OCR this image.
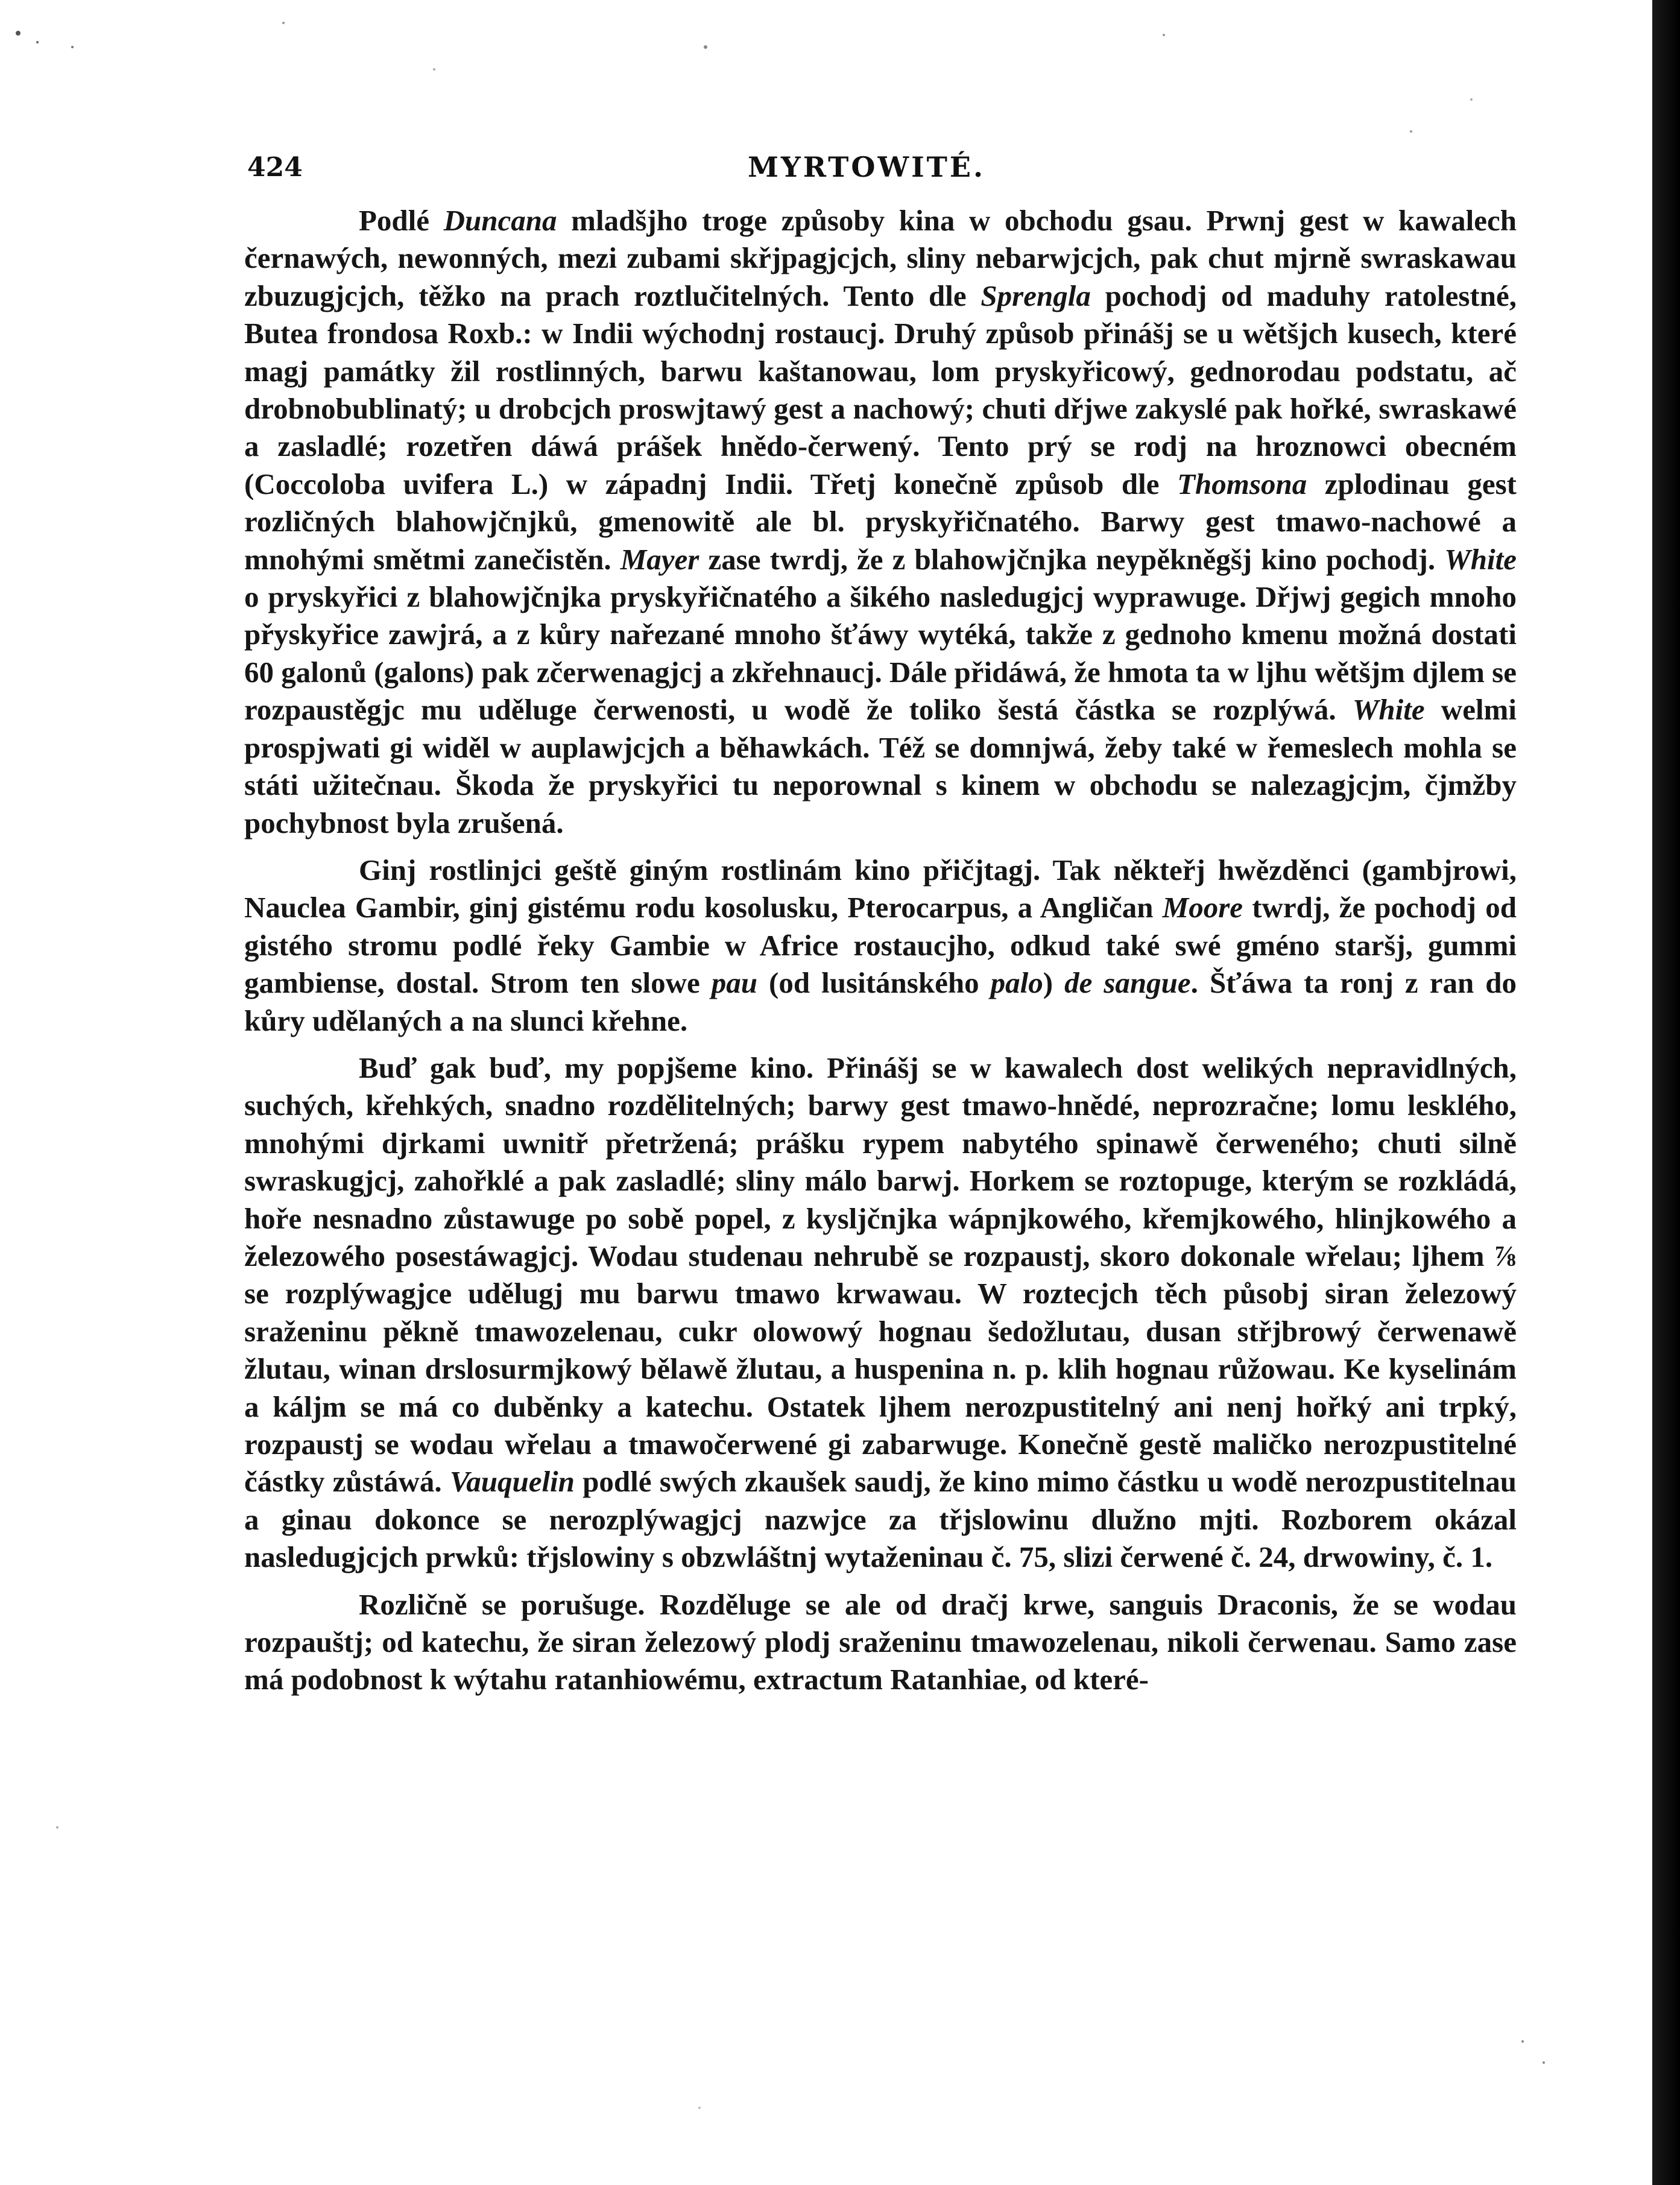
424	MYRTOWITÉ.

Podlé Duncana mladšjho troge způsoby kina w obchodu gsau. Prwnj gest w kawalech černawých, newonných, mezi zubami skřjpagjcjch, sliny nebarwjcjch, pak chut mjrně swraskawau zbuzugjcjch, těžko na prach roztlučitelných. Tento dle Sprengla pochodj od maduhy ratolestné, Butea frondosa Roxb.: w Indii wýchodnj rostaucj. Druhý způsob přinášj se u wětšjch kusech, které magj památky žil rostlinných, barwu kaštanowau, lom pryskyřicowý, gednorodau podstatu, ač drobnobublinatý; u drobcjch proswjtawý gest a nachowý; chuti dřjwe zakyslé pak hořké, swraskawé a zasladlé; rozetřen dáwá prášek hnědo-čerwený. Tento prý se rodj na hroznowci obecném (Coccoloba uvifera L.) w západnj Indii. Třetj konečně způsob dle Thomsona zplodinau gest rozličných blahowjčnjků, gmenowitě ale bl. pryskyřičnatého. Barwy gest tmawo-nachowé a mnohými smětmi zanečistěn. Mayer zase twrdj, že z blahowjčnjka neypěkněgšj kino pochodj. White o pryskyřici z blahowjčnjka pryskyřičnatého a šikého nasledugjcj wyprawuge. Dřjwj gegich mnoho přyskyřice zawjrá, a z kůry nařezané mnoho šťáwy wytéká, takže z gednoho kmenu možná dostati 60 galonů (galons) pak zčerwenagjcj a zkřehnaucj. Dále přidáwá, že hmota ta w ljhu wětšjm djlem se rozpaustěgjc mu uděluge čerwenosti, u wodě že toliko šestá částka se rozplýwá. White welmi prospjwati gi widěl w auplawjcjch a běhawkách. Též se domnjwá, žeby také w řemeslech mohla se státi užitečnau. Škoda že pryskyřici tu neporownal s kinem w obchodu se nalezagjcjm, čjmžby pochybnost byla zrušená.

Ginj rostlinjci geště giným rostlinám kino přičjtagj. Tak někteřj hwězděnci (gambjrowi, Nauclea Gambir, ginj gistému rodu kosolusku, Pterocarpus, a Angličan Moore twrdj, že pochodj od gistého stromu podlé řeky Gambie w Africe rostaucjho, odkud také swé gméno staršj, gummi gambiense, dostal. Strom ten slowe pau (od lusitánského palo) de sangue. Šťáwa ta ronj z ran do kůry udělaných a na slunci křehne.

Buď gak buď, my popjšeme kino. Přinášj se w kawalech dost welikých nepravidlných, suchých, křehkých, snadno rozdělitelných; barwy gest tmawo-hnědé, neprozračne; lomu lesklého, mnohými djrkami uwnitř přetržená; prášku rypem nabytého spinawě čerweného; chuti silně swraskugjcj, zahořklé a pak zasladlé; sliny málo barwj. Horkem se roztopuge, kterým se rozkládá, hoře nesnadno zůstawuge po sobě popel, z kysljčnjka wápnjkowého, křemjkowého, hlinjkowého a železowého posestáwagjcj. Wodau studenau nehrubě se rozpaustj, skoro dokonale wřelau; ljhem ⅞ se rozplýwagjce udělugj mu barwu tmawo krwawau. W roztecjch těch působj siran železowý sraženinu pěkně tmawozelenau, cukr olowowý hognau šedožlutau, dusan střjbrowý čerwenawě žlutau, winan drslosurmjkowý bělawě žlutau, a huspenina n. p. klih hognau růžowau. Ke kyselinám a káljm se má co duběnky a katechu. Ostatek ljhem nerozpustitelný ani nenj hořký ani trpký, rozpaustj se wodau wřelau a tmawočerwené gi zabarwuge. Konečně gestě maličko nerozpustitelné částky zůstáwá. Vauquelin podlé swých zkaušek saudj, že kino mimo částku u wodě nerozpustitelnau a ginau dokonce se nerozplýwagjcj nazwjce za třjslowinu dlužno mjti. Rozborem okázal nasledugjcjch prwků: třjslowiny s obzwláštnj wytaženinau č. 75, slizi čerwené č. 24, drwowiny, č. 1.

Rozličně se porušuge. Rozděluge se ale od dračj krwe, sanguis Draconis, že se wodau rozpauštj; od katechu, že siran železowý plodj sraženinu tmawozelenau, nikoli čerwenau. Samo zase má podobnost k wýtahu ratanhiowému, extractum Ratanhiae, od které-
